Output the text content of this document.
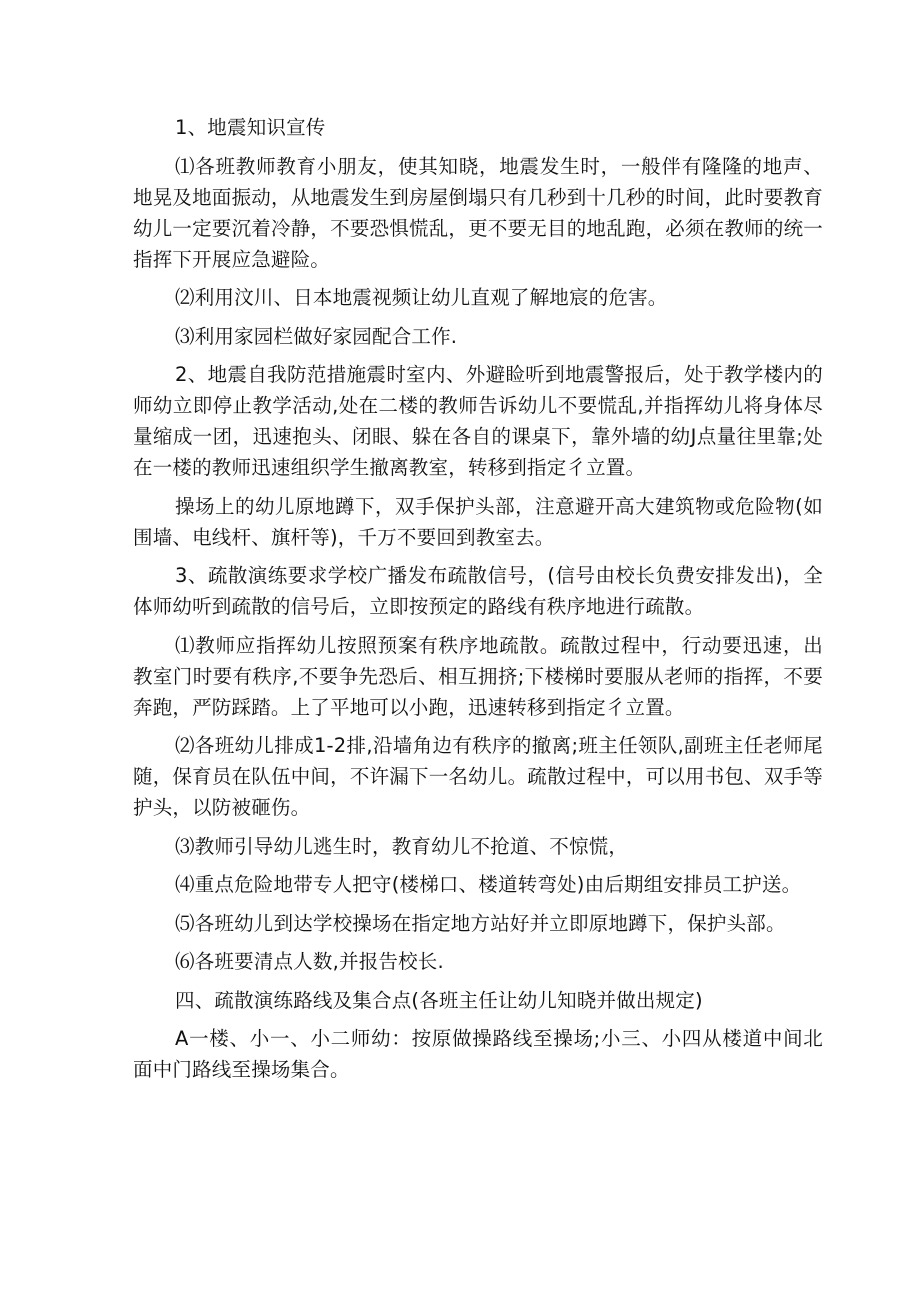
1、地震知识宣传

⑴各班教师教育小朋友，使其知晓，地震发生时，一般伴有隆隆的地声、地晃及地面振动，从地震发生到房屋倒塌只有几秒到十几秒的时间，此时要教育幼儿一定要沉着冷静，不要恐惧慌乱，更不要无目的地乱跑，必须在教师的统一指挥下开展应急避险。

⑵利用汶川、日本地震视频让幼儿直观了解地宸的危害。

⑶利用家园栏做好家园配合工作.

2、地震自我防范措施震时室内、外避睑听到地震警报后，处于教学楼内的师幼立即停止教学活动,处在二楼的教师告诉幼儿不要慌乱,并指挥幼儿将身体尽量缩成一团，迅速抱头、闭眼、躲在各自的课桌下，靠外墙的幼J点量往里靠;处在一楼的教师迅速组织学生撤离教室，转移到指定彳立置。

操场上的幼儿原地蹲下，双手保护头部，注意避开高大建筑物或危险物(如围墙、电线杆、旗杆等)，千万不要回到教室去。

3、疏散演练要求学校广播发布疏散信号，(信号由校长负费安排发出)，全体师幼听到疏散的信号后，立即按预定的路线有秩序地进行疏散。

⑴教师应指挥幼儿按照预案有秩序地疏散。疏散过程中，行动要迅速，出教室门时要有秩序,不要争先恐后、相互拥挤;下楼梯时要服从老师的指挥，不要奔跑，严防踩踏。上了平地可以小跑，迅速转移到指定彳立置。

⑵各班幼儿排成1-2排,沿墙角边有秩序的撤离;班主任领队,副班主任老师尾随，保育员在队伍中间，不许漏下一名幼儿。疏散过程中，可以用书包、双手等护头，以防被砸伤。

⑶教师引导幼儿逃生时，教育幼儿不抢道、不惊慌，

⑷重点危险地带专人把守(楼梯口、楼道转弯处)由后期组安排员工护送。

⑸各班幼儿到达学校操场在指定地方站好并立即原地蹲下，保护头部。

⑹各班要清点人数,并报告校长.

四、疏散演练路线及集合点(各班主任让幼儿知晓并做出规定)

A一楼、小一、小二师幼：按原做操路线至操场;小三、小四从楼道中间北面中门路线至操场集合。
